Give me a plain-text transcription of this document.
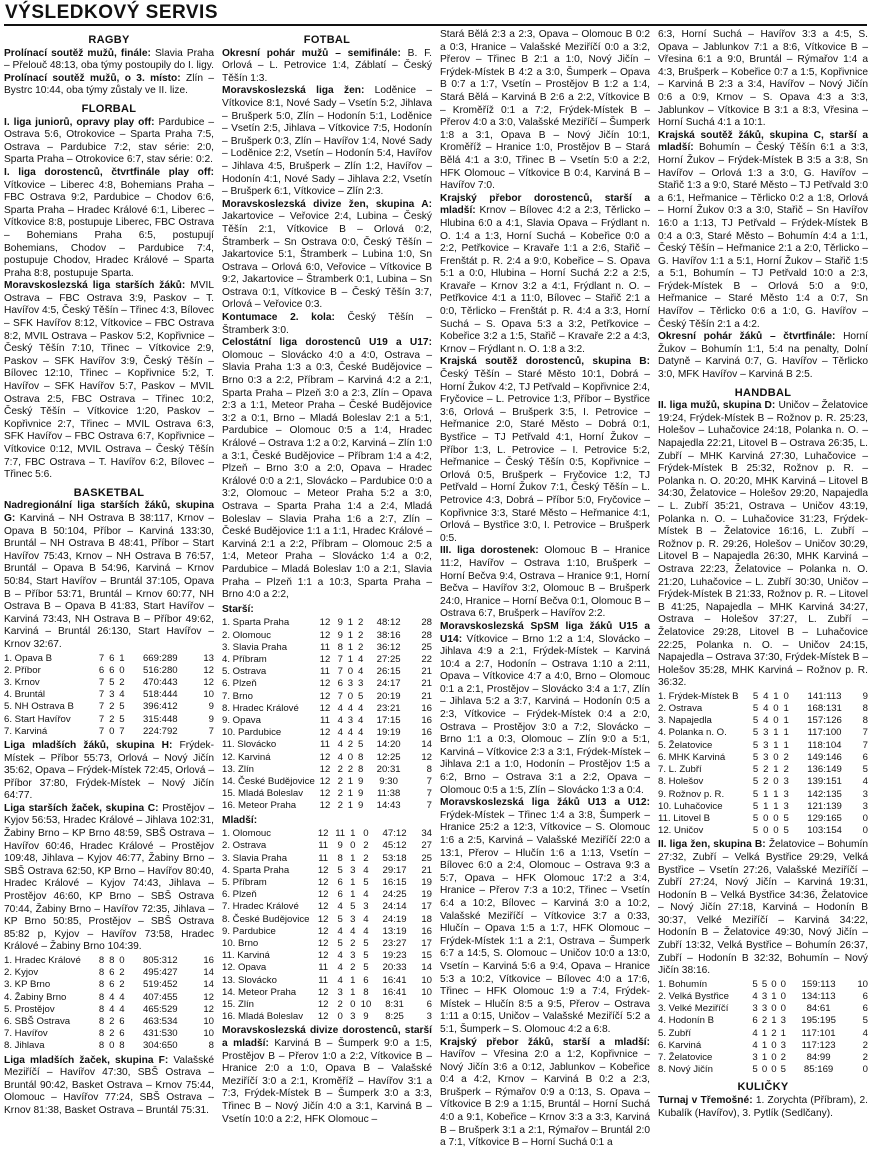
VÝSLEDKOVÝ SERVIS
RAGBY

Prolínací soutěž mužů, finále: Slavia Praha – Přelouč 48:13, oba týmy postoupily do I. ligy.

Prolínací soutěž mužů, o 3. místo: Zlín – Bystrc 10:44, oba týmy zůstaly ve II. lize.

FLORBAL

I. liga juniorů, opravy play off: Pardubice – Ostrava 5:6, Otrokovice – Sparta Praha 7:5, Ostrava – Pardubice 7:2, stav série: 2:0, Sparta Praha – Otrokovice 6:7, stav série: 0:2.

I. liga dorostenců, čtvrtfinále play off: Vítkovice – Liberec 4:8, Bohemians Praha – FBC Ostrava 9:2, Pardubice – Chodov 6:6, Sparta Praha – Hradec Králové 6:1, Liberec – Vítkovice 8:8, postupuje Liberec, FBC Ostrava – Bohemians Praha 6:5, postupují Bohemians, Chodov – Pardubice 7:4, postupuje Chodov, Hradec Králové – Sparta Praha 8:8, postupuje Sparta.

Moravskoslezská liga starších žáků: MVIL Ostrava – FBC Ostrava 3:9, Paskov – T. Havířov 4:5, Český Těšín – Třinec 4:3, Bílovec – SFK Havířov 8:12, Vítkovice – FBC Ostrava 8:2, MVIL Ostrava – Paskov 5:2, Kopřivnice – Český Těšín 7:10, Třinec – Vítkovice 2:9, Paskov – SFK Havířov 3:9, Český Těšín – Bílovec 12:10, Třinec – Kopřivnice 5:2, T. Havířov – SFK Havířov 5:7, Paskov – MVIL Ostrava 2:5, FBC Ostrava – Třinec 10:2, Český Těšín – Vítkovice 1:20, Paskov – Kopřivnice 2:7, Třinec – MVIL Ostrava 6:3, SFK Havířov – FBC Ostrava 6:7, Kopřivnice – Vítkovice 0:12, MVIL Ostrava – Český Těšín 7:7, FBC Ostrava – T. Havířov 6:2, Bílovec – Třinec 5:6.

BASKETBAL

Nadregionální liga starších žáků, skupina G: Karviná – NH Ostrava B 38:117, Krnov – Opava B 50:104, Příbor – Karviná 133:30, Bruntál – NH Ostrava B 48:41, Příbor – Start Havířov 75:43, Krnov – NH Ostrava B 76:57, Bruntál – Opava B 54:96, Karviná – Krnov 50:84, Start Havířov – Bruntál 37:105, Opava B – Příbor 53:71, Bruntál – Krnov 60:77, NH Ostrava B – Opava B 41:83, Start Havířov – Karviná 73:43, NH Ostrava B – Příbor 49:62, Karviná – Bruntál 26:130, Start Havířov – Krnov 32:67.

1. Opava B	7	6	1	669:289	13
2. Příbor	6	6	0	516:280	12
3. Krnov	7	5	2	470:443	12
4. Bruntál	7	3	4	518:444	10
5. NH Ostrava B	7	2	5	396:412	9
6. Start Havířov	7	2	5	315:448	9
7. Karviná	7	0	7	224:792	7

Liga mladších žáků, skupina H: Frýdek-Místek – Příbor 55:73, Orlová – Nový Jičín 35:62, Opava – Frýdek-Místek 72:45, Orlová – Příbor 37:80, Frýdek-Místek – Nový Jičín 64:77.

Liga starších žaček, skupina C: Prostějov – Kyjov 56:53, Hradec Králové – Jihlava 102:31, Žabiny Brno – KP Brno 48:59, SBŠ Ostrava – Havířov 60:46, Hradec Králové – Prostějov 109:48, Jihlava – Kyjov 46:77, Žabiny Brno – SBŠ Ostrava 62:50, KP Brno – Havířov 80:40, Hradec Králové – Kyjov 74:43, Jihlava – Prostějov 46:60, KP Brno – SBŠ Ostrava 70:44, Žabiny Brno – Havířov 72:35, Jihlava – KP Brno 50:85, Prostějov – SBŠ Ostrava 85:82 p, Kyjov – Havířov 73:58, Hradec Králové – Žabiny Brno 104:39.

1. Hradec Králové	8	8	0	805:312	16
2. Kyjov	8	6	2	495:427	14
3. KP Brno	8	6	2	519:452	14
4. Žabiny Brno	8	4	4	407:455	12
5. Prostějov	8	4	4	465:529	12
6. SBŠ Ostrava	8	2	6	463:534	10
7. Havířov	8	2	6	431:530	10
8. Jihlava	8	0	8	304:650	8

Liga mladších žaček, skupina F: Valašské Meziříčí – Havířov 47:30, SBŠ Ostrava – Bruntál 90:42, Basket Ostrava – Krnov 75:44, Olomouc – Havířov 77:24, SBŠ Ostrava – Krnov 81:38, Basket Ostrava – Bruntál 75:31.

FOTBAL

Okresní pohár mužů – semifinále: B. F. Orlová – L. Petrovice 1:4, Záblatí – Český Těšín 1:3.

Moravskoslezská liga žen: Loděnice – Vítkovice 8:1, Nové Sady – Vsetín 5:2, Jihlava – Brušperk 5:0, Zlín – Hodonín 5:1, Loděnice – Vsetín 2:5, Jihlava – Vítkovice 7:5, Hodonín – Brušperk 0:3, Zlín – Havířov 1:4, Nové Sady – Loděnice 2:2, Vsetín – Hodonín 5:4, Havířov – Jihlava 4:5, Brušperk – Zlín 1:2, Havířov – Hodonín 4:1, Nové Sady – Jihlava 2:2, Vsetín – Brušperk 6:1, Vítkovice – Zlín 2:3.

Moravskoslezská divize žen, skupina A: Jakartovice – Veřovice 2:4, Lubina – Český Těšín 2:1, Vítkovice B – Orlová 0:2, Štramberk – Sn Ostrava 0:0, Český Těšín – Jakartovice 5:1, Štramberk – Lubina 1:0, Sn Ostrava – Orlová 6:0, Veřovice – Vítkovice B 9:2, Jakartovice – Štramberk 0:1, Lubina – Sn Ostrava 0:1, Vítkovice B – Český Těšín 3:7, Orlová – Veřovice 0:3.

Kontumace 2. kola: Český Těšín – Štramberk 3:0.

Celostátní liga dorostenců U19 a U17: Olomouc – Slovácko 4:0 a 4:0, Ostrava – Slavia Praha 1:3 a 0:3, České Budějovice – Brno 0:3 a 2:2, Příbram – Karviná 4:2 a 2:1, Sparta Praha – Plzeň 3:0 a 2:3, Zlín – Opava 2:3 a 1:1, Meteor Praha – České Budějovice 3:2 a 0:1, Brno – Mladá Boleslav 2:1 a 5:1, Pardubice – Olomouc 0:5 a 1:4, Hradec Králové – Ostrava 1:2 a 0:2, Karviná – Zlín 1:0 a 3:1, České Budějovice – Příbram 1:4 a 4:2, Plzeň – Brno 3:0 a 2:0, Opava – Hradec Králové 0:0 a 2:1, Slovácko – Pardubice 0:0 a 3:2, Olomouc – Meteor Praha 5:2 a 3:0, Ostrava – Sparta Praha 1:4 a 2:4, Mladá Boleslav – Slavia Praha 1:6 a 2:7, Zlín – České Budějovice 1:1 a 1:1, Hradec Králové – Karviná 2:1 a 2:2, Příbram – Olomouc 2:5 a 1:4, Meteor Praha – Slovácko 1:4 a 0:2, Pardubice – Mladá Boleslav 1:0 a 2:1, Slavia Praha – Plzeň 1:1 a 10:3, Sparta Praha – Brno 4:0 a 2:2,

Starší:
1. Sparta Praha	12	9	1	2	48:12	28
2. Olomouc	12	9	1	2	38:16	28
3. Slavia Praha	11	8	1	2	36:12	25
4. Příbram	12	7	1	4	27:25	22
5. Ostrava	11	7	0	4	26:15	21
6. Plzeň	12	6	3	3	24:17	21
7. Brno	12	7	0	5	20:19	21
8. Hradec Králové	12	4	4	4	23:21	16
9. Opava	11	4	3	4	17:15	16
10. Pardubice	12	4	4	4	19:19	16
11. Slovácko	11	4	2	5	14:20	14
12. Karviná	12	4	0	8	12:25	12
13. Zlín	12	2	2	8	20:31	8
14. České Budějovice	12	2	1	9	9:30	7
15. Mladá Boleslav	12	2	1	9	11:38	7
16. Meteor Praha	12	2	1	9	14:43	7
Mladší:
1. Olomouc	12	11	1	0	47:12	34
2. Ostrava	11	9	0	2	45:12	27
3. Slavia Praha	11	8	1	2	53:18	25
4. Sparta Praha	12	5	3	4	29:17	21
5. Příbram	12	6	1	5	16:15	19
6. Plzeň	12	6	1	4	24:25	19
7. Hradec Králové	12	4	5	3	24:14	17
8. České Budějovice	12	5	3	4	24:19	18
9. Pardubice	12	4	4	4	13:19	16
10. Brno	12	5	2	5	23:27	17
11. Karviná	12	4	3	5	19:23	15
12. Opava	11	4	2	5	20:33	14
13. Slovácko	11	4	1	6	16:41	10
14. Meteor Praha	12	3	1	8	16:41	10
15. Zlín	12	2	0	10	8:31	6
16. Mladá Boleslav	12	0	3	9	8:25	3

Moravskoslezská divize dorostenců, starší a mladší: Karviná B – Šumperk 9:0 a 1:5, Prostějov B – Přerov 1:0 a 2:2, Vítkovice B – Hranice 2:0 a 1:0, Opava B – Valašské Meziříčí 3:0 a 2:1, Kroměříž – Havířov 3:1 a 7:3, Frýdek-Místek B – Šumperk 3:0 a 3:3, Třinec B – Nový Jičín 4:0 a 3:1, Karviná B – Vsetín 10:0 a 2:2, HFK Olomouc –

Stará Bělá 2:3 a 2:3, Opava – Olomouc B 0:2 a 0:3, Hranice – Valašské Meziříčí 0:0 a 3:2, Přerov – Třinec B 2:1 a 1:0, Nový Jičín – Frýdek-Místek B 4:2 a 3:0, Šumperk – Opava B 0:7 a 1:7, Vsetín – Prostějov B 1:2 a 1:4, Stará Bělá – Karviná B 2:6 a 2:2, Vítkovice B – Kroměříž 0:1 a 7:2, Frýdek-Místek B – Přerov 4:0 a 3:0, Valašské Meziříčí – Šumperk 1:8 a 3:1, Opava B – Nový Jičín 10:1, Kroměříž – Hranice 1:0, Prostějov B – Stará Bělá 4:1 a 3:0, Třinec B – Vsetín 5:0 a 2:2, HFK Olomouc – Vítkovice B 0:4, Karviná B – Havířov 7:0.

Krajský přebor dorostenců, starší a mladší: Krnov – Bílovec 4:2 a 2:3, Těrlicko – Hlubina 6:0 a 4:1, Slavia Opava – Frýdlant n. O. 1:4 a 1:3, Horní Suchá – Kobeřice 0:0 a 2:2, Petřkovice – Kravaře 1:1 a 2:6, Stařič – Frenštát p. R. 2:4 a 9:0, Kobeřice – S. Opava 5:1 a 0:0, Hlubina – Horní Suchá 2:2 a 2:5, Kravaře – Krnov 3:2 a 4:1, Frýdlant n. O. – Petřkovice 4:1 a 11:0, Bílovec – Stařič 2:1 a 0:0, Těrlicko – Frenštát p. R. 4:4 a 3:3, Horní Suchá – S. Opava 5:3 a 3:2, Petřkovice – Kobeřice 3:2 a 1:5, Stařič – Kravaře 2:2 a 4:3, Krnov – Frýdlant n. O. 1:8 a 3:2.

Krajská soutěž dorostenců, skupina B: Český Těšín – Staré Město 10:1, Dobrá – Horní Žukov 4:2, TJ Petřvald – Kopřivnice 2:4, Fryčovice – L. Petrovice 1:3, Příbor – Bystřice 3:6, Orlová – Brušperk 3:5, I. Petrovice – Heřmanice 2:0, Staré Město – Dobrá 0:1, Bystřice – TJ Petřvald 4:1, Horní Žukov – Příbor 1:3, L. Petrovice – I. Petrovice 5:2, Heřmanice – Český Těšín 0:5, Kopřivnice – Orlová 0:5, Brušperk – Fryčovice 1:2, TJ Petřvald – Horní Žukov 7:1, Český Těšín – L. Petrovice 4:3, Dobrá – Příbor 5:0, Fryčovice – Kopřivnice 3:3, Staré Město – Heřmanice 4:1, Orlová – Bystřice 3:0, I. Petrovice – Brušperk 0:5.

III. liga dorostenek: Olomouc B – Hranice 11:2, Havířov – Ostrava 1:10, Brušperk – Horní Bečva 9:4, Ostrava – Hranice 9:1, Horní Bečva – Havířov 3:2, Olomouc B – Brušperk 24:0, Hranice – Horní Bečva 0:1, Olomouc B – Ostrava 6:7, Brušperk – Havířov 2:2.

Moravskoslezská SpSM liga žáků U15 a U14: Vítkovice – Brno 1:2 a 1:4, Slovácko – Jihlava 4:9 a 2:1, Frýdek-Místek – Karviná 10:4 a 2:7, Hodonín – Ostrava 1:10 a 2:11, Opava – Vítkovice 4:7 a 4:0, Brno – Olomouc 0:1 a 2:1, Prostějov – Slovácko 3:4 a 1:7, Zlín – Jihlava 5:2 a 3:7, Karviná – Hodonín 0:5 a 2:3, Vítkovice – Frýdek-Místek 0:4 a 2:0, Ostrava – Prostějov 3:0 a 7:2, Slovácko – Brno 1:1 a 0:3, Olomouc – Zlín 9:0 a 5:1, Karviná – Vítkovice 2:3 a 3:1, Frýdek-Místek – Jihlava 2:1 a 1:0, Hodonín – Prostějov 1:5 a 6:2, Brno – Ostrava 3:1 a 2:2, Opava – Olomouc 0:5 a 1:5, Zlín – Slovácko 1:3 a 0:4.

Moravskoslezská liga žáků U13 a U12: Frýdek-Místek – Třinec 1:4 a 3:8, Šumperk – Hranice 25:2 a 12:3, Vítkovice – S. Olomouc 1:6 a 2:5, Karviná – Valašské Meziříčí 22:0 a 13:1, Přerov – Hlučín 1:6 a 1:13, Vsetín – Bílovec 6:0 a 2:4, Olomouc – Ostrava 9:3 a 5:7, Opava – HFK Olomouc 17:2 a 3:4, Hranice – Přerov 7:3 a 10:2, Třinec – Vsetín 6:4 a 10:2, Bílovec – Karviná 3:0 a 10:2, Valašské Meziříčí – Vítkovice 3:7 a 0:33, Hlučín – Opava 1:5 a 1:7, HFK Olomouc – Frýdek-Místek 1:1 a 2:1, Ostrava – Šumperk 6:7 a 14:5, S. Olomouc – Uničov 10:0 a 13:0, Vsetín – Karviná 5:6 a 9:4, Opava – Hranice 5:3 a 10:2, Vítkovice – Bílovec 4:0 a 17:6, Třinec – HFK Olomouc 1:9 a 7:4, Frýdek-Místek – Hlučín 8:5 a 9:5, Přerov – Ostrava 1:11 a 0:15, Uničov – Valašské Meziříčí 5:2 a 5:1, Šumperk – S. Olomouc 4:2 a 6:8.

Krajský přebor žáků, starší a mladší: Havířov – Vřesina 2:0 a 1:2, Kopřivnice – Nový Jičín 3:6 a 0:12, Jablunkov – Kobeřice 0:4 a 4:2, Krnov – Karviná B 0:2 a 2:3, Brušperk – Rýmařov 0:9 a 0:13, S. Opava – Vítkovice B 2:9 a 1:15, Bruntál – Horní Suchá 4:0 a 9:1, Kobeřice – Krnov 3:3 a 3:3, Karviná B – Brušperk 3:1 a 2:1, Rýmařov – Bruntál 2:0 a 7:1, Vítkovice B – Horní Suchá 0:1 a

6:3, Horní Suchá – Havířov 3:3 a 4:5, S. Opava – Jablunkov 7:1 a 8:6, Vítkovice B – Vřesina 6:1 a 9:0, Bruntál – Rýmařov 1:4 a 4:3, Brušperk – Kobeřice 0:7 a 1:5, Kopřivnice – Karviná B 2:3 a 3:4, Havířov – Nový Jičín 0:6 a 0:9, Krnov – S. Opava 4:3 a 3:3, Jablunkov – Vítkovice B 3:1 a 8:3, Vřesina – Horní Suchá 4:1 a 10:1.

Krajská soutěž žáků, skupina C, starší a mladší: Bohumín – Český Těšín 6:1 a 3:3, Horní Žukov – Frýdek-Místek B 3:5 a 3:8, Sn Havířov – Orlová 1:3 a 3:0, G. Havířov – Stařič 1:3 a 9:0, Staré Město – TJ Petřvald 3:0 a 6:1, Heřmanice – Těrlicko 0:2 a 1:8, Orlová – Horní Žukov 0:3 a 3:0, Stařič – Sn Havířov 16:0 a 1:13, TJ Petřvald – Frýdek-Místek B 0:4 a 0:3, Staré Město – Bohumín 4:4 a 1:1, Český Těšín – Heřmanice 2:1 a 2:0, Těrlicko – G. Havířov 1:1 a 5:1, Horní Žukov – Stařič 1:5 a 5:1, Bohumín – TJ Petřvald 10:0 a 2:3, Frýdek-Místek B – Orlová 5:0 a 9:0, Heřmanice – Staré Město 1:4 a 0:7, Sn Havířov – Těrlicko 0:6 a 1:0, G. Havířov – Český Těšín 2:1 a 4:2.

Okresní pohár žáků – čtvrtfinále: Horní Žukov – Bohumín 1:1, 5:4 na penalty, Dolní Datyně – Karviná 0:7, G. Havířov – Těrlicko 3:0, MFK Havířov – Karviná B 2:5.

HANDBAL

II. liga mužů, skupina D: Uničov – Želatovice 19:24, Frýdek-Místek B – Rožnov p. R. 25:23, Holešov – Luhačovice 24:18, Polanka n. O. – Napajedla 22:21, Litovel B – Ostrava 26:35, L. Zubří – MHK Karviná 27:30, Luhačovice – Frýdek-Místek B 25:32, Rožnov p. R. – Polanka n. O. 20:20, MHK Karviná – Litovel B 34:30, Želatovice – Holešov 29:20, Napajedla – L. Zubří 35:21, Ostrava – Uničov 43:19, Polanka n. O. – Luhačovice 31:23, Frýdek-Místek B – Želatovice 16:16, L. Zubří – Rožnov p. R. 29:26, Holešov – Uničov 30:29, Litovel B – Napajedla 26:30, MHK Karviná – Ostrava 22:23, Želatovice – Polanka n. O. 21:20, Luhačovice – L. Zubří 30:30, Uničov – Frýdek-Místek B 21:33, Rožnov p. R. – Litovel B 41:25, Napajedla – MHK Karviná 34:27, Ostrava – Holešov 37:27, L. Zubří – Želatovice 29:28, Litovel B – Luhačovice 22:25, Polanka n. O. – Uničov 24:15, Napajedla – Ostrava 37:30, Frýdek-Místek B – Holešov 35:28, MHK Karviná – Rožnov p. R. 36:32.

1. Frýdek-Místek B	5	4	1	0	141:113	9
2. Ostrava	5	4	0	1	168:131	8
3. Napajedla	5	4	0	1	157:126	8
4. Polanka n. O.	5	3	1	1	117:100	7
5. Želatovice	5	3	1	1	118:104	7
6. MHK Karviná	5	3	0	2	149:146	6
7. L. Zubří	5	2	1	2	136:149	5
8. Holešov	5	2	0	3	139:151	4
9. Rožnov p. R.	5	1	1	3	142:135	3
10. Luhačovice	5	1	1	3	121:139	3
11. Litovel B	5	0	0	5	129:165	0
12. Uničov	5	0	0	5	103:154	0

II. liga žen, skupina B: Želatovice – Bohumín 27:32, Zubří – Velká Bystřice 29:29, Velká Bystřice – Vsetín 27:26, Valašské Meziříčí – Zubří 27:24, Nový Jičín – Karviná 19:31, Hodonín B – Velká Bystřice 34:36, Želatovice – Nový Jičín 27:18, Karviná – Hodonín B 30:37, Velké Meziříčí – Karviná 34:22, Hodonín B – Želatovice 49:30, Nový Jičín – Zubří 13:32, Velká Bystřice – Bohumín 26:37, Zubří – Hodonín B 32:32, Bohumín – Nový Jičín 38:16.

1. Bohumín	5	5	0	0	159:113	10
2. Velká Bystřice	4	3	1	0	134:113	6
3. Velké Meziříčí	3	3	0	0	84:61	6
4. Hodonín B	6	2	1	3	195:195	5
5. Zubří	4	1	2	1	117:101	4
6. Karviná	4	1	0	3	117:123	2
7. Želatovice	3	1	0	2	84:99	2
8. Nový Jičín	5	0	0	5	85:169	0
KULIČKY

Turnaj v Třemošné: 1. Zorychta (Příbram), 2. Kubalík (Havířov), 3. Pytlík (Sedlčany).
